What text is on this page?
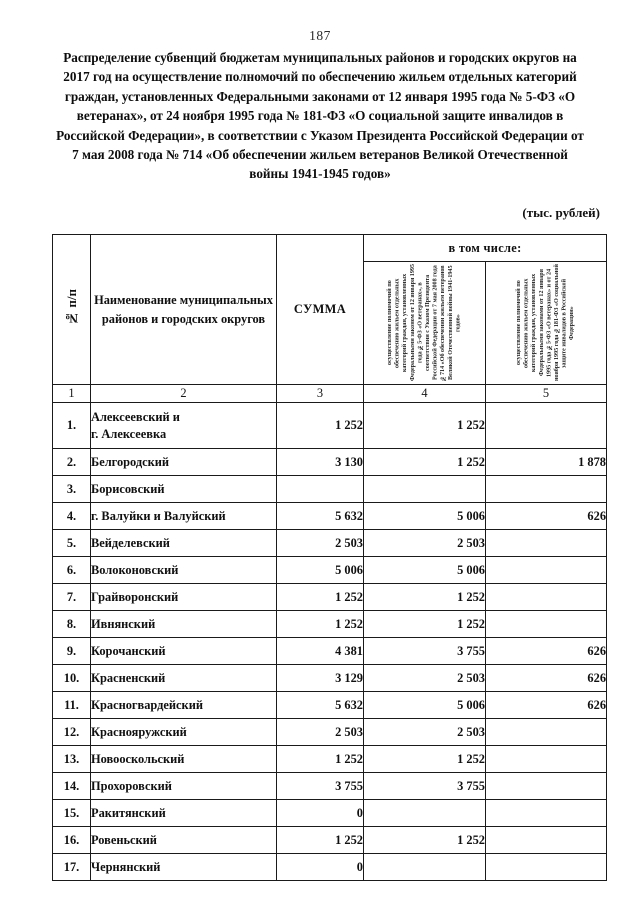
187
Распределение субвенций бюджетам муниципальных районов и городских округов на 2017 год на осуществление полномочий по обеспечению жильем отдельных категорий граждан, установленных Федеральными законами от 12 января 1995 года № 5-ФЗ «О ветеранах», от 24 ноября 1995 года № 181-ФЗ «О социальной защите инвалидов в Российской Федерации», в соответствии с Указом Президента Российской Федерации от 7 мая 2008 года № 714 «Об обеспечении жильем ветеранов Великой Отечественной войны 1941-1945 годов»
(тыс. рублей)
№ п/п	Наименование муниципальных районов и городских округов	СУММА	в том числе:	

осуществление полномочий по обеспечению жильем отдельных категорий граждан, установленных Федеральными законом от 12 января 1995 года №5-ФЗ «О ветеранах», в соответствии с Указом Президента Российской Федерации от 7 мая 2008 года №714 «Об обеспечении жильем ветеранов Великой Отечественной войны 1941-1945 годов»	осуществление полномочий по обеспечению жильем отдельных категорий граждан, установленных Федеральными законами от 12 января 1995 года №5-ФЗ «О ветеранах» и от 24 ноября 1995 года №181-ФЗ «О социальной защите инвалидов в Российской Федерации»

1	2	3	4	5
1.	Алексеевский и
г. Алексеевка	1 252	1 252	
2.	Белгородский	3 130	1 252	1 878
3.	Борисовский			
4.	г. Валуйки и Валуйский	5 632	5 006	626
5.	Вейделевский	2 503	2 503	
6.	Волоконовский	5 006	5 006	
7.	Грайворонский	1 252	1 252	
8.	Ивнянский	1 252	1 252	
9.	Корочанский	4 381	3 755	626
10.	Красненский	3 129	2 503	626
11.	Красногвардейский	5 632	5 006	626
12.	Краснояружский	2 503	2 503	
13.	Новооскольский	1 252	1 252	
14.	Прохоровский	3 755	3 755	
15.	Ракитянский	0		
16.	Ровеньский	1 252	1 252	
17.	Чернянский	0		
